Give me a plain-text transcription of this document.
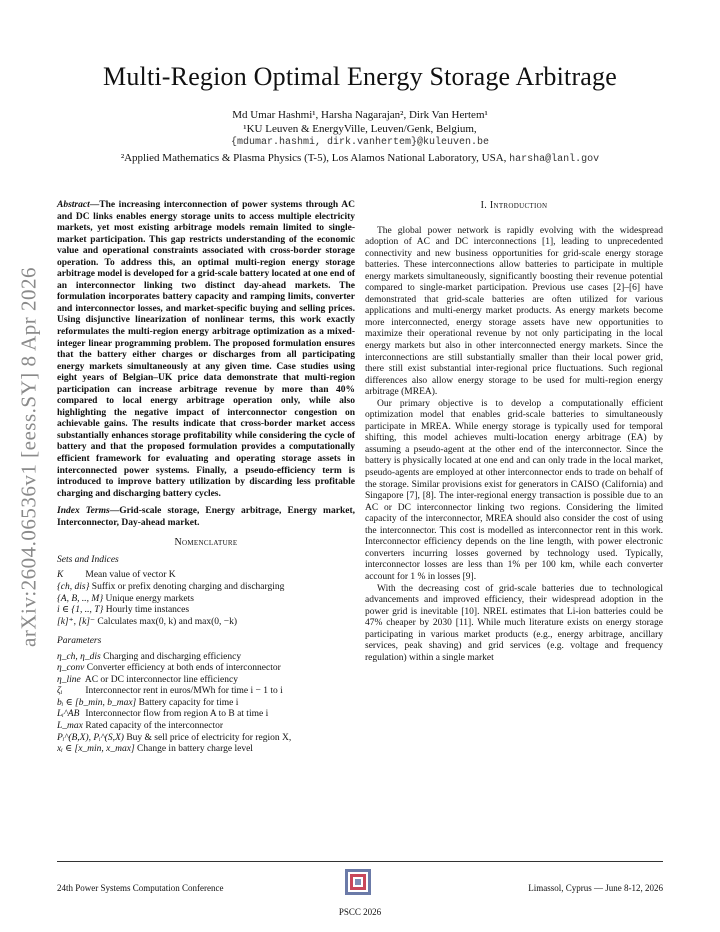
Multi-Region Optimal Energy Storage Arbitrage
Md Umar Hashmi¹, Harsha Nagarajan², Dirk Van Hertem¹
¹KU Leuven & EnergyVille, Leuven/Genk, Belgium,
{mdumar.hashmi, dirk.vanhertem}@kuleuven.be
²Applied Mathematics & Plasma Physics (T-5), Los Alamos National Laboratory, USA, harsha@lanl.gov
arXiv:2604.06536v1 [eess.SY] 8 Apr 2026
Abstract—The increasing interconnection of power systems through AC and DC links enables energy storage units to access multiple electricity markets, yet most existing arbitrage models remain limited to single-market participation. This gap restricts understanding of the economic value and operational constraints associated with cross-border storage operation. To address this, an optimal multi-region energy storage arbitrage model is developed for a grid-scale battery located at one end of an interconnector linking two distinct day-ahead markets. The formulation incorporates battery capacity and ramping limits, converter and interconnector losses, and market-specific buying and selling prices. Using disjunctive linearization of nonlinear terms, this work exactly reformulates the multi-region energy arbitrage optimization as a mixed-integer linear programming problem. The proposed formulation ensures that the battery either charges or discharges from all participating energy markets simultaneously at any given time. Case studies using eight years of Belgian–UK price data demonstrate that multi-region participation can increase arbitrage revenue by more than 40% compared to local energy arbitrage operation only, while also highlighting the negative impact of interconnector congestion on achievable gains. The results indicate that cross-border market access substantially enhances storage profitability while considering the cycle of battery and that the proposed formulation provides a computationally efficient framework for evaluating and operating storage assets in interconnected power systems. Finally, a pseudo-efficiency term is introduced to improve battery utilization by discarding less profitable charging and discharging battery cycles.
Index Terms—Grid-scale storage, Energy arbitrage, Energy market, Interconnector, Day-ahead market.
Nomenclature
Sets and Indices
K̄ Mean value of vector K
{ch, dis} Suffix or prefix denoting charging and discharging
{A, B, .., M} Unique energy markets
i ∈ {1, .., T} Hourly time instances
[k]⁺, [k]⁻ Calculates max(0, k) and max(0, −k)
Parameters
η_ch, η_dis Charging and discharging efficiency
η_conv Converter efficiency at both ends of interconnector
η_line AC or DC interconnector line efficiency
ζᵢ Interconnector rent in euros/MWh for time i − 1 to i
bᵢ ∈ [b_min, b_max] Battery capacity for time i
Lᵢ^AB Interconnector flow from region A to B at time i
L_max Rated capacity of the interconnector
Pᵢ^(B,X), Pᵢ^(S,X) Buy & sell price of electricity for region X,
xᵢ ∈ [x_min, x_max] Change in battery charge level
I. Introduction

The global power network is rapidly evolving with the widespread adoption of AC and DC interconnections [1], leading to unprecedented connectivity and new business opportunities for grid-scale energy storage batteries. These interconnections allow batteries to participate in multiple energy markets simultaneously, significantly boosting their revenue potential compared to single-market participation. Previous use cases [2]–[6] have demonstrated that grid-scale batteries are often utilized for various applications and multi-energy market products. As energy markets become more interconnected, energy storage assets have new opportunities to maximize their operational revenue by not only participating in the local energy markets but also in other interconnected energy markets. Since the interconnections are still substantially smaller than their local power grid, there still exist substantial inter-regional price fluctuations. Such regional differences also allow energy storage to be used for multi-region energy arbitrage (MREA).

Our primary objective is to develop a computationally efficient optimization model that enables grid-scale batteries to simultaneously participate in MREA. While energy storage is typically used for temporal shifting, this model achieves multi-location energy arbitrage (EA) by assuming a pseudo-agent at the other end of the interconnector. Since the battery is physically located at one end and can only trade in the local market, pseudo-agents are employed at other interconnector ends to trade on behalf of the storage. Similar provisions exist for generators in CAISO (California) and Singapore [7], [8]. The inter-regional energy transaction is possible due to an AC or DC interconnector linking two regions. Considering the limited capacity of the interconnector, MREA should also consider the cost of using the interconnector. This cost is modelled as interconnector rent in this work. Interconnector efficiency depends on the line length, with power electronic converters incurring losses governed by technology used. Typically, interconnector losses are less than 1% per 100 km, while each converter account for 1 % in losses [9].

With the decreasing cost of grid-scale batteries due to technological advancements and improved efficiency, their widespread adoption in the power grid is inevitable [10]. NREL estimates that Li-ion batteries could be 47% cheaper by 2030 [11]. While much literature exists on energy storage participating in various market products (e.g., energy arbitrage, ancillary services, peak shaving) and grid services (e.g. voltage and frequency regulation) within a single market

24th Power Systems Computation Conference	Limassol, Cyprus — June 8-12, 2026
PSCC 2026
